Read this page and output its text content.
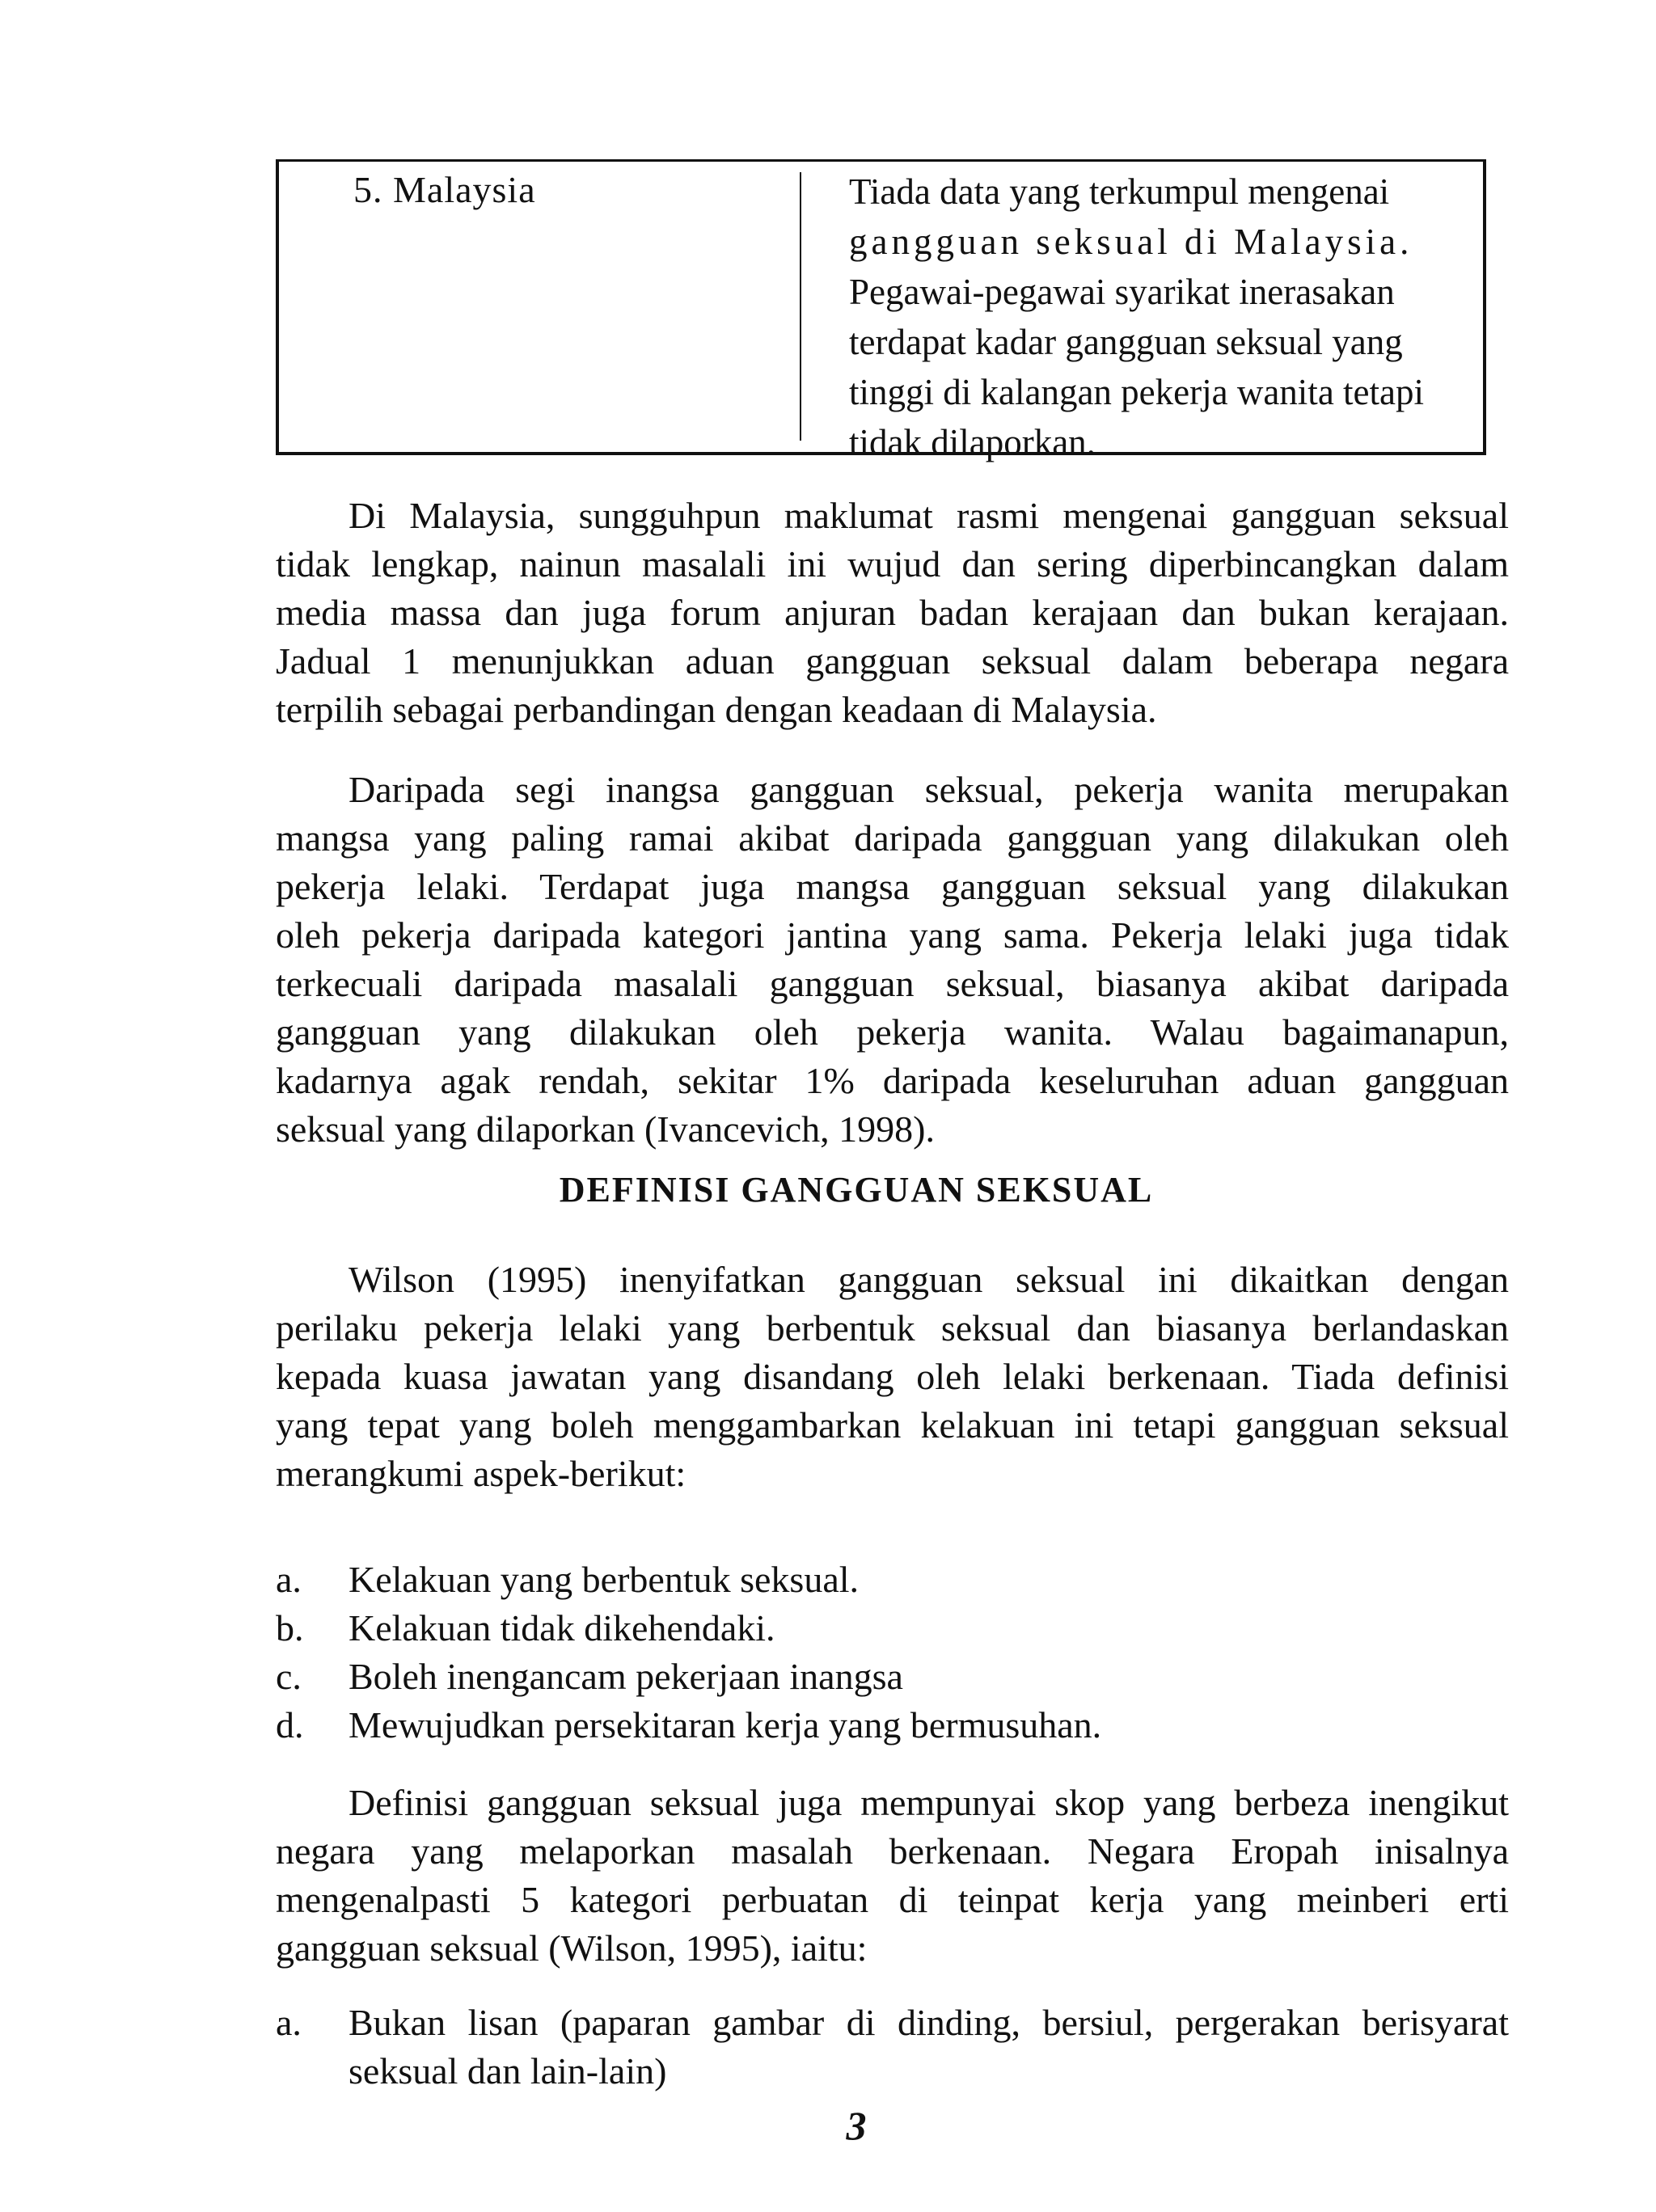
5. Malaysia	Tiada data yang terkumpul mengenai
gangguan seksual di Malaysia.
Pegawai-pegawai syarikat inerasakan
terdapat kadar gangguan seksual yang
tinggi di kalangan pekerja wanita tetapi
tidak dilaporkan.
Di Malaysia, sungguhpun maklumat rasmi mengenai gangguan seksual
tidak lengkap, nainun masalali ini wujud dan sering diperbincangkan dalam
media massa dan juga forum anjuran badan kerajaan dan bukan kerajaan.
Jadual 1 menunjukkan aduan gangguan seksual dalam beberapa negara
terpilih sebagai perbandingan dengan keadaan di Malaysia.
Daripada segi inangsa gangguan seksual, pekerja wanita merupakan
mangsa yang paling ramai akibat daripada gangguan yang dilakukan oleh
pekerja lelaki. Terdapat juga mangsa gangguan seksual yang dilakukan
oleh pekerja daripada kategori jantina yang sama. Pekerja lelaki juga tidak
terkecuali daripada masalali gangguan seksual, biasanya akibat daripada
gangguan yang dilakukan oleh pekerja wanita. Walau bagaimanapun,
kadarnya agak rendah, sekitar 1% daripada keseluruhan aduan gangguan
seksual yang dilaporkan (Ivancevich, 1998).
DEFINISI GANGGUAN SEKSUAL
Wilson (1995) inenyifatkan gangguan seksual ini dikaitkan dengan
perilaku pekerja lelaki yang berbentuk seksual dan biasanya berlandaskan
kepada kuasa jawatan yang disandang oleh lelaki berkenaan. Tiada definisi
yang tepat yang boleh menggambarkan kelakuan ini tetapi gangguan seksual
merangkumi aspek-berikut:
a.	Kelakuan yang berbentuk seksual.
b.	Kelakuan tidak dikehendaki.
c.	Boleh inengancam pekerjaan inangsa
d.	Mewujudkan persekitaran kerja yang bermusuhan.
Definisi gangguan seksual juga mempunyai skop yang berbeza inengikut
negara yang melaporkan masalah berkenaan. Negara Eropah inisalnya
mengenalpasti 5 kategori perbuatan di teinpat kerja yang meinberi erti
gangguan seksual (Wilson, 1995), iaitu:
a.	Bukan lisan (paparan gambar di dinding, bersiul, pergerakan berisyarat
seksual dan lain-lain)
3
